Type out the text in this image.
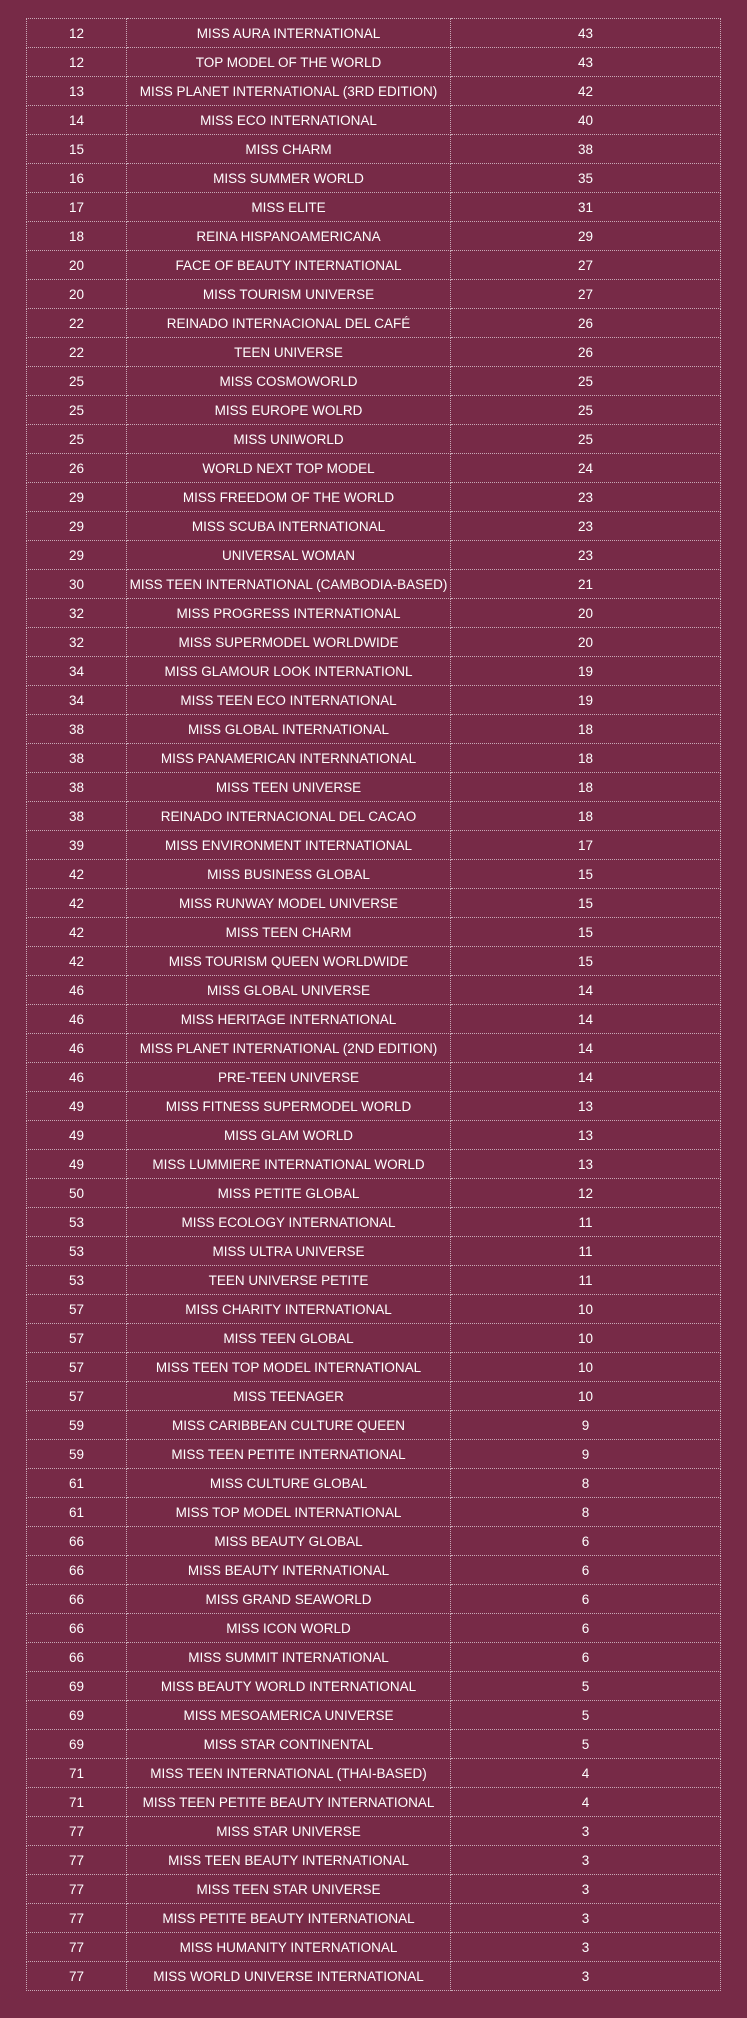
12	MISS AURA INTERNATIONAL	43
12	TOP MODEL OF THE WORLD	43
13	MISS PLANET INTERNATIONAL (3RD EDITION)	42
14	MISS ECO INTERNATIONAL	40
15	MISS CHARM	38
16	MISS SUMMER WORLD	35
17	MISS ELITE	31
18	REINA HISPANOAMERICANA	29
20	FACE OF BEAUTY INTERNATIONAL	27
20	MISS TOURISM UNIVERSE	27
22	REINADO INTERNACIONAL DEL CAFÉ	26
22	TEEN UNIVERSE	26
25	MISS COSMOWORLD	25
25	MISS EUROPE WOLRD	25
25	MISS UNIWORLD	25
26	WORLD NEXT TOP MODEL	24
29	MISS FREEDOM OF THE WORLD	23
29	MISS SCUBA INTERNATIONAL	23
29	UNIVERSAL WOMAN	23
30	MISS TEEN INTERNATIONAL (CAMBODIA-BASED)	21
32	MISS PROGRESS INTERNATIONAL	20
32	MISS SUPERMODEL WORLDWIDE	20
34	MISS GLAMOUR LOOK INTERNATIONL	19
34	MISS TEEN ECO INTERNATIONAL	19
38	MISS GLOBAL INTERNATIONAL	18
38	MISS PANAMERICAN INTERNNATIONAL	18
38	MISS TEEN UNIVERSE	18
38	REINADO INTERNACIONAL DEL CACAO	18
39	MISS ENVIRONMENT INTERNATIONAL	17
42	MISS BUSINESS GLOBAL	15
42	MISS RUNWAY MODEL UNIVERSE	15
42	MISS TEEN CHARM	15
42	MISS TOURISM QUEEN WORLDWIDE	15
46	MISS GLOBAL UNIVERSE	14
46	MISS HERITAGE INTERNATIONAL	14
46	MISS PLANET INTERNATIONAL (2ND EDITION)	14
46	PRE-TEEN UNIVERSE	14
49	MISS FITNESS SUPERMODEL WORLD	13
49	MISS GLAM WORLD	13
49	MISS LUMMIERE INTERNATIONAL WORLD	13
50	MISS PETITE GLOBAL	12
53	MISS ECOLOGY INTERNATIONAL	11
53	MISS ULTRA UNIVERSE	11
53	TEEN UNIVERSE PETITE	11
57	MISS CHARITY INTERNATIONAL	10
57	MISS TEEN GLOBAL	10
57	MISS TEEN TOP MODEL INTERNATIONAL	10
57	MISS TEENAGER	10
59	MISS CARIBBEAN CULTURE QUEEN	9
59	MISS TEEN PETITE INTERNATIONAL	9
61	MISS CULTURE GLOBAL	8
61	MISS TOP MODEL INTERNATIONAL	8
66	MISS BEAUTY GLOBAL	6
66	MISS BEAUTY INTERNATIONAL	6
66	MISS GRAND SEAWORLD	6
66	MISS ICON WORLD	6
66	MISS SUMMIT INTERNATIONAL	6
69	MISS BEAUTY WORLD INTERNATIONAL	5
69	MISS MESOAMERICA UNIVERSE	5
69	MISS STAR CONTINENTAL	5
71	MISS TEEN INTERNATIONAL (THAI-BASED)	4
71	MISS TEEN PETITE BEAUTY INTERNATIONAL	4
77	MISS STAR UNIVERSE	3
77	MISS TEEN BEAUTY INTERNATIONAL	3
77	MISS TEEN STAR UNIVERSE	3
77	MISS PETITE BEAUTY INTERNATIONAL	3
77	MISS HUMANITY INTERNATIONAL	3
77	MISS WORLD UNIVERSE INTERNATIONAL	3
